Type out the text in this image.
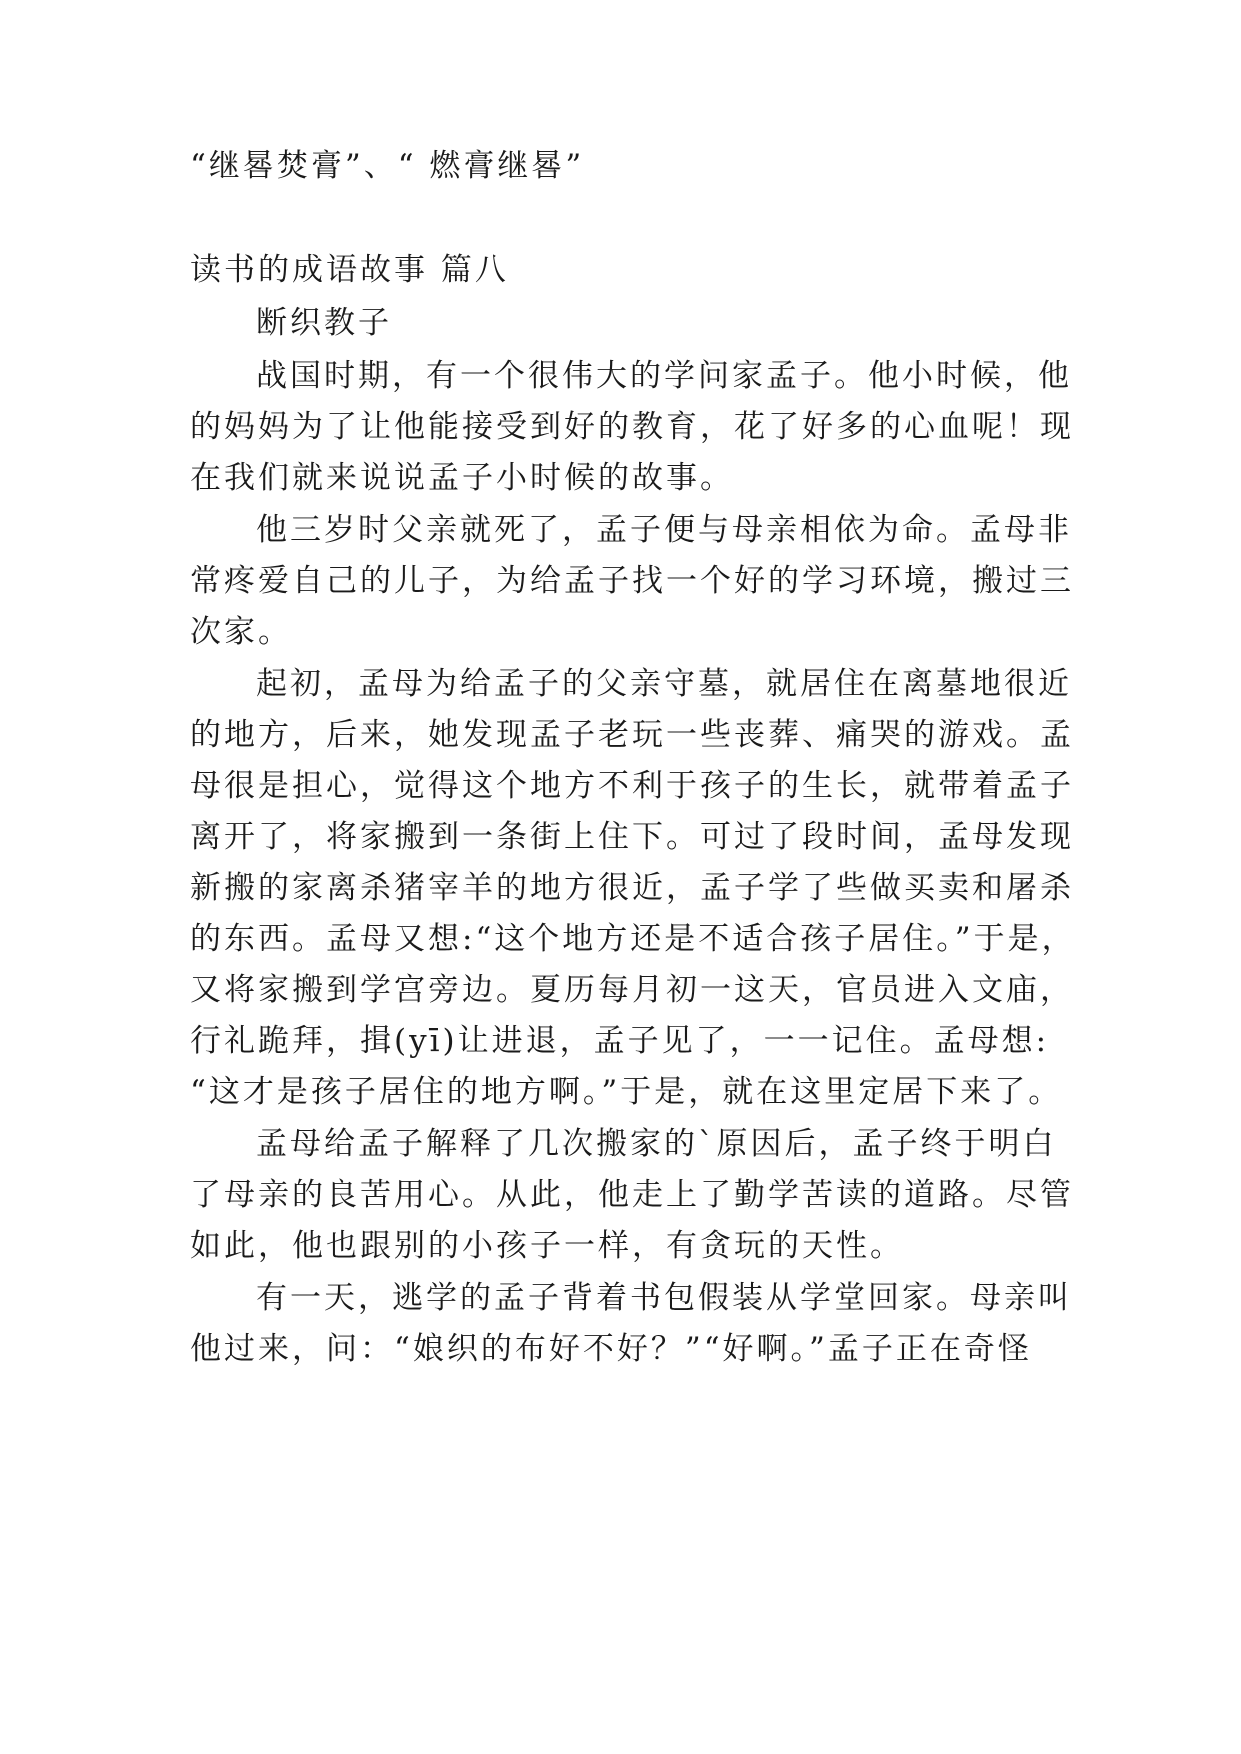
“继晷焚膏”、“ 燃膏继晷”
读书的成语故事 篇八
断织教子
战国时期，有一个很伟大的学问家孟子。他小时候，他
的妈妈为了让他能接受到好的教育，花了好多的心血呢！现
在我们就来说说孟子小时候的故事。
他三岁时父亲就死了，孟子便与母亲相依为命。孟母非
常疼爱自己的儿子，为给孟子找一个好的学习环境，搬过三
次家。
起初，孟母为给孟子的父亲守墓，就居住在离墓地很近
的地方，后来，她发现孟子老玩一些丧葬、痛哭的游戏。孟
母很是担心，觉得这个地方不利于孩子的生长，就带着孟子
离开了，将家搬到一条街上住下。可过了段时间，孟母发现
新搬的家离杀猪宰羊的地方很近，孟子学了些做买卖和屠杀
的东西。孟母又想:“这个地方还是不适合孩子居住。”于是，
又将家搬到学宫旁边。夏历每月初一这天，官员进入文庙，
行礼跪拜，揖(yī)让进退，孟子见了，一一记住。孟母想:
“这才是孩子居住的地方啊。”于是，就在这里定居下来了。
孟母给孟子解释了几次搬家的`原因后，孟子终于明白
了母亲的良苦用心。从此，他走上了勤学苦读的道路。尽管
如此，他也跟别的小孩子一样，有贪玩的天性。
有一天，逃学的孟子背着书包假装从学堂回家。母亲叫
他过来，问：“娘织的布好不好？”“好啊。”孟子正在奇怪
